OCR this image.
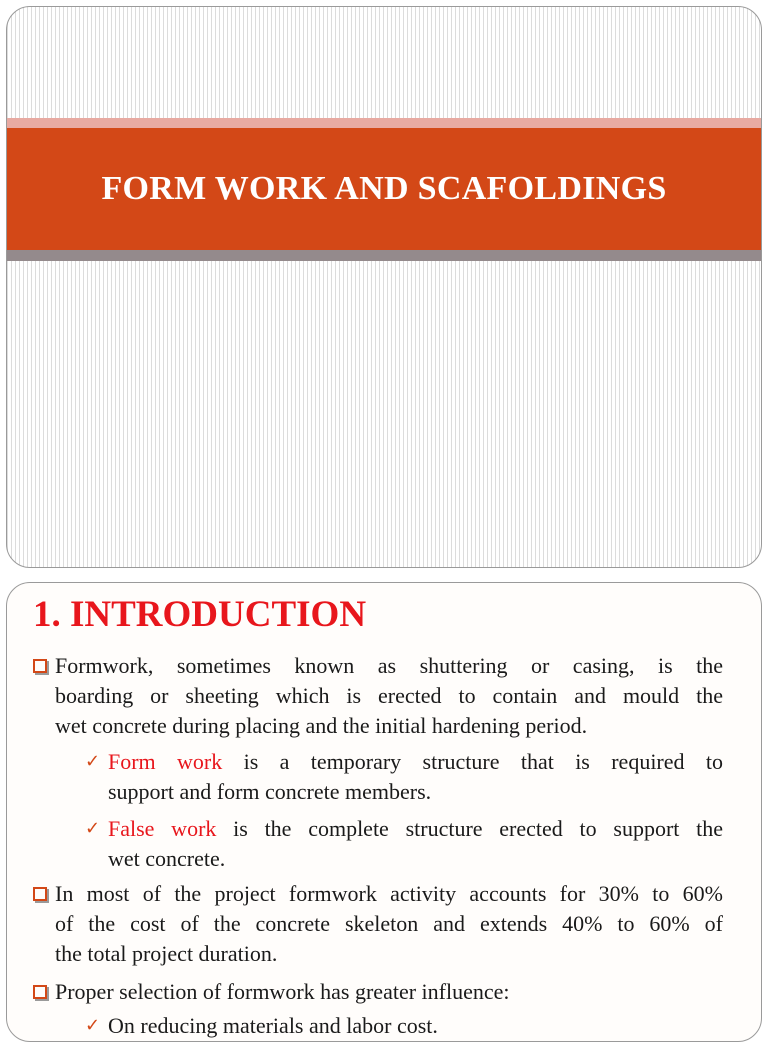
FORM WORK AND SCAFOLDINGS
1. INTRODUCTION
Formwork, sometimes known as shuttering or casing, is the
boarding or sheeting which is erected to contain and mould the
wet concrete during placing and the initial hardening period.
✓ Form work is a temporary structure that is required to
support and form concrete members.
✓ False work is the complete structure erected to support the
wet concrete.
In most of the project formwork activity accounts for 30% to 60%
of the cost of the concrete skeleton and extends 40% to 60% of
the total project duration.
Proper selection of formwork has greater influence:
✓ On reducing materials and labor cost.
